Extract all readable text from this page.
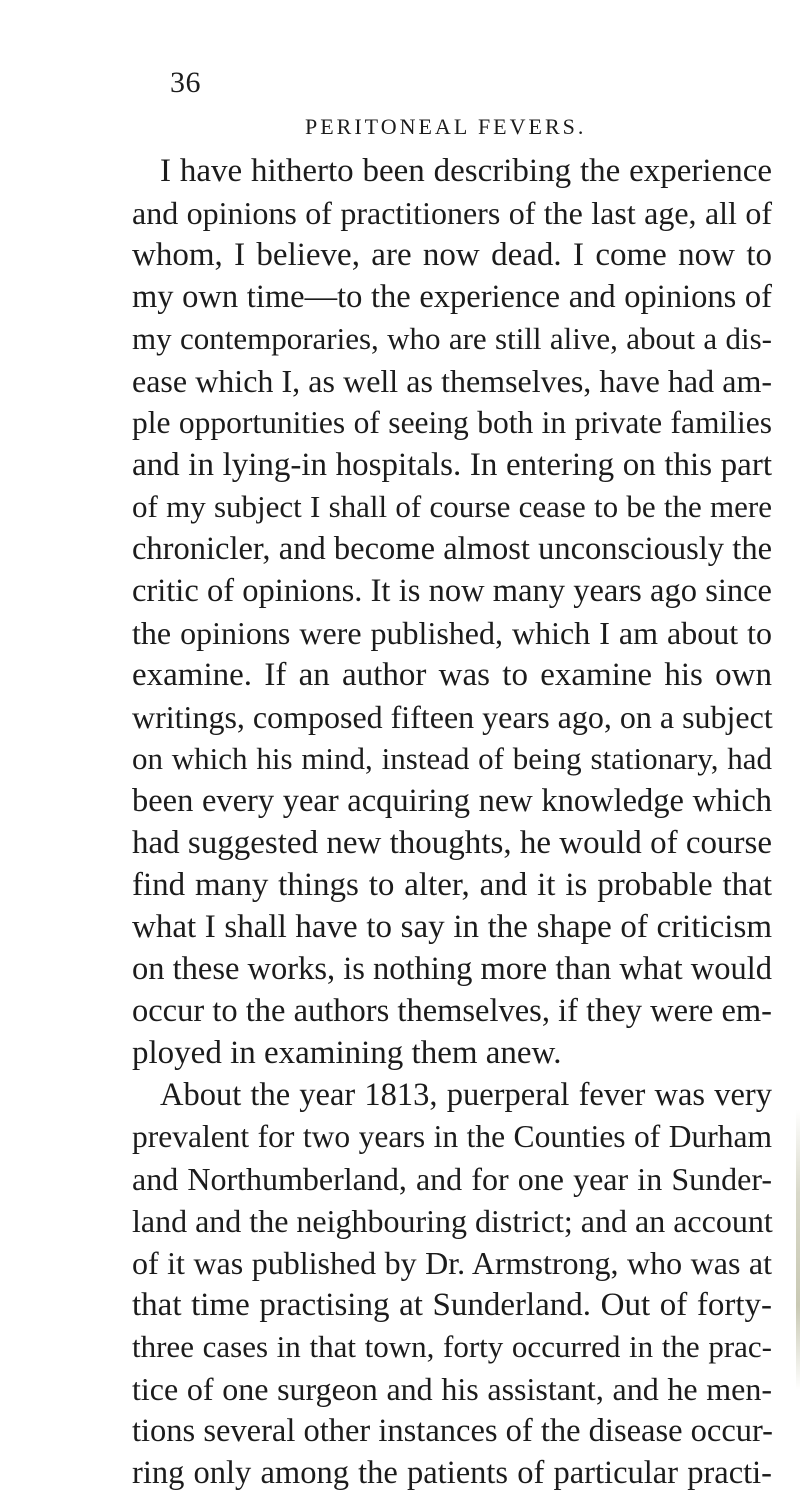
36
PERITONEAL FEVERS.
I have hitherto been describing the experience
and opinions of practitioners of the last age, all of
whom, I believe, are now dead. I come now to
my own time—to the experience and opinions of
my contemporaries, who are still alive, about a dis-
ease which I, as well as themselves, have had am-
ple opportunities of seeing both in private families
and in lying-in hospitals. In entering on this part
of my subject I shall of course cease to be the mere
chronicler, and become almost unconsciously the
critic of opinions. It is now many years ago since
the opinions were published, which I am about to
examine. If an author was to examine his own
writings, composed fifteen years ago, on a subject
on which his mind, instead of being stationary, had
been every year acquiring new knowledge which
had suggested new thoughts, he would of course
find many things to alter, and it is probable that
what I shall have to say in the shape of criticism
on these works, is nothing more than what would
occur to the authors themselves, if they were em-
ployed in examining them anew.
About the year 1813, puerperal fever was very
prevalent for two years in the Counties of Durham
and Northumberland, and for one year in Sunder-
land and the neighbouring district; and an account
of it was published by Dr. Armstrong, who was at
that time practising at Sunderland. Out of forty-
three cases in that town, forty occurred in the prac-
tice of one surgeon and his assistant, and he men-
tions several other instances of the disease occur-
ring only among the patients of particular practi-
